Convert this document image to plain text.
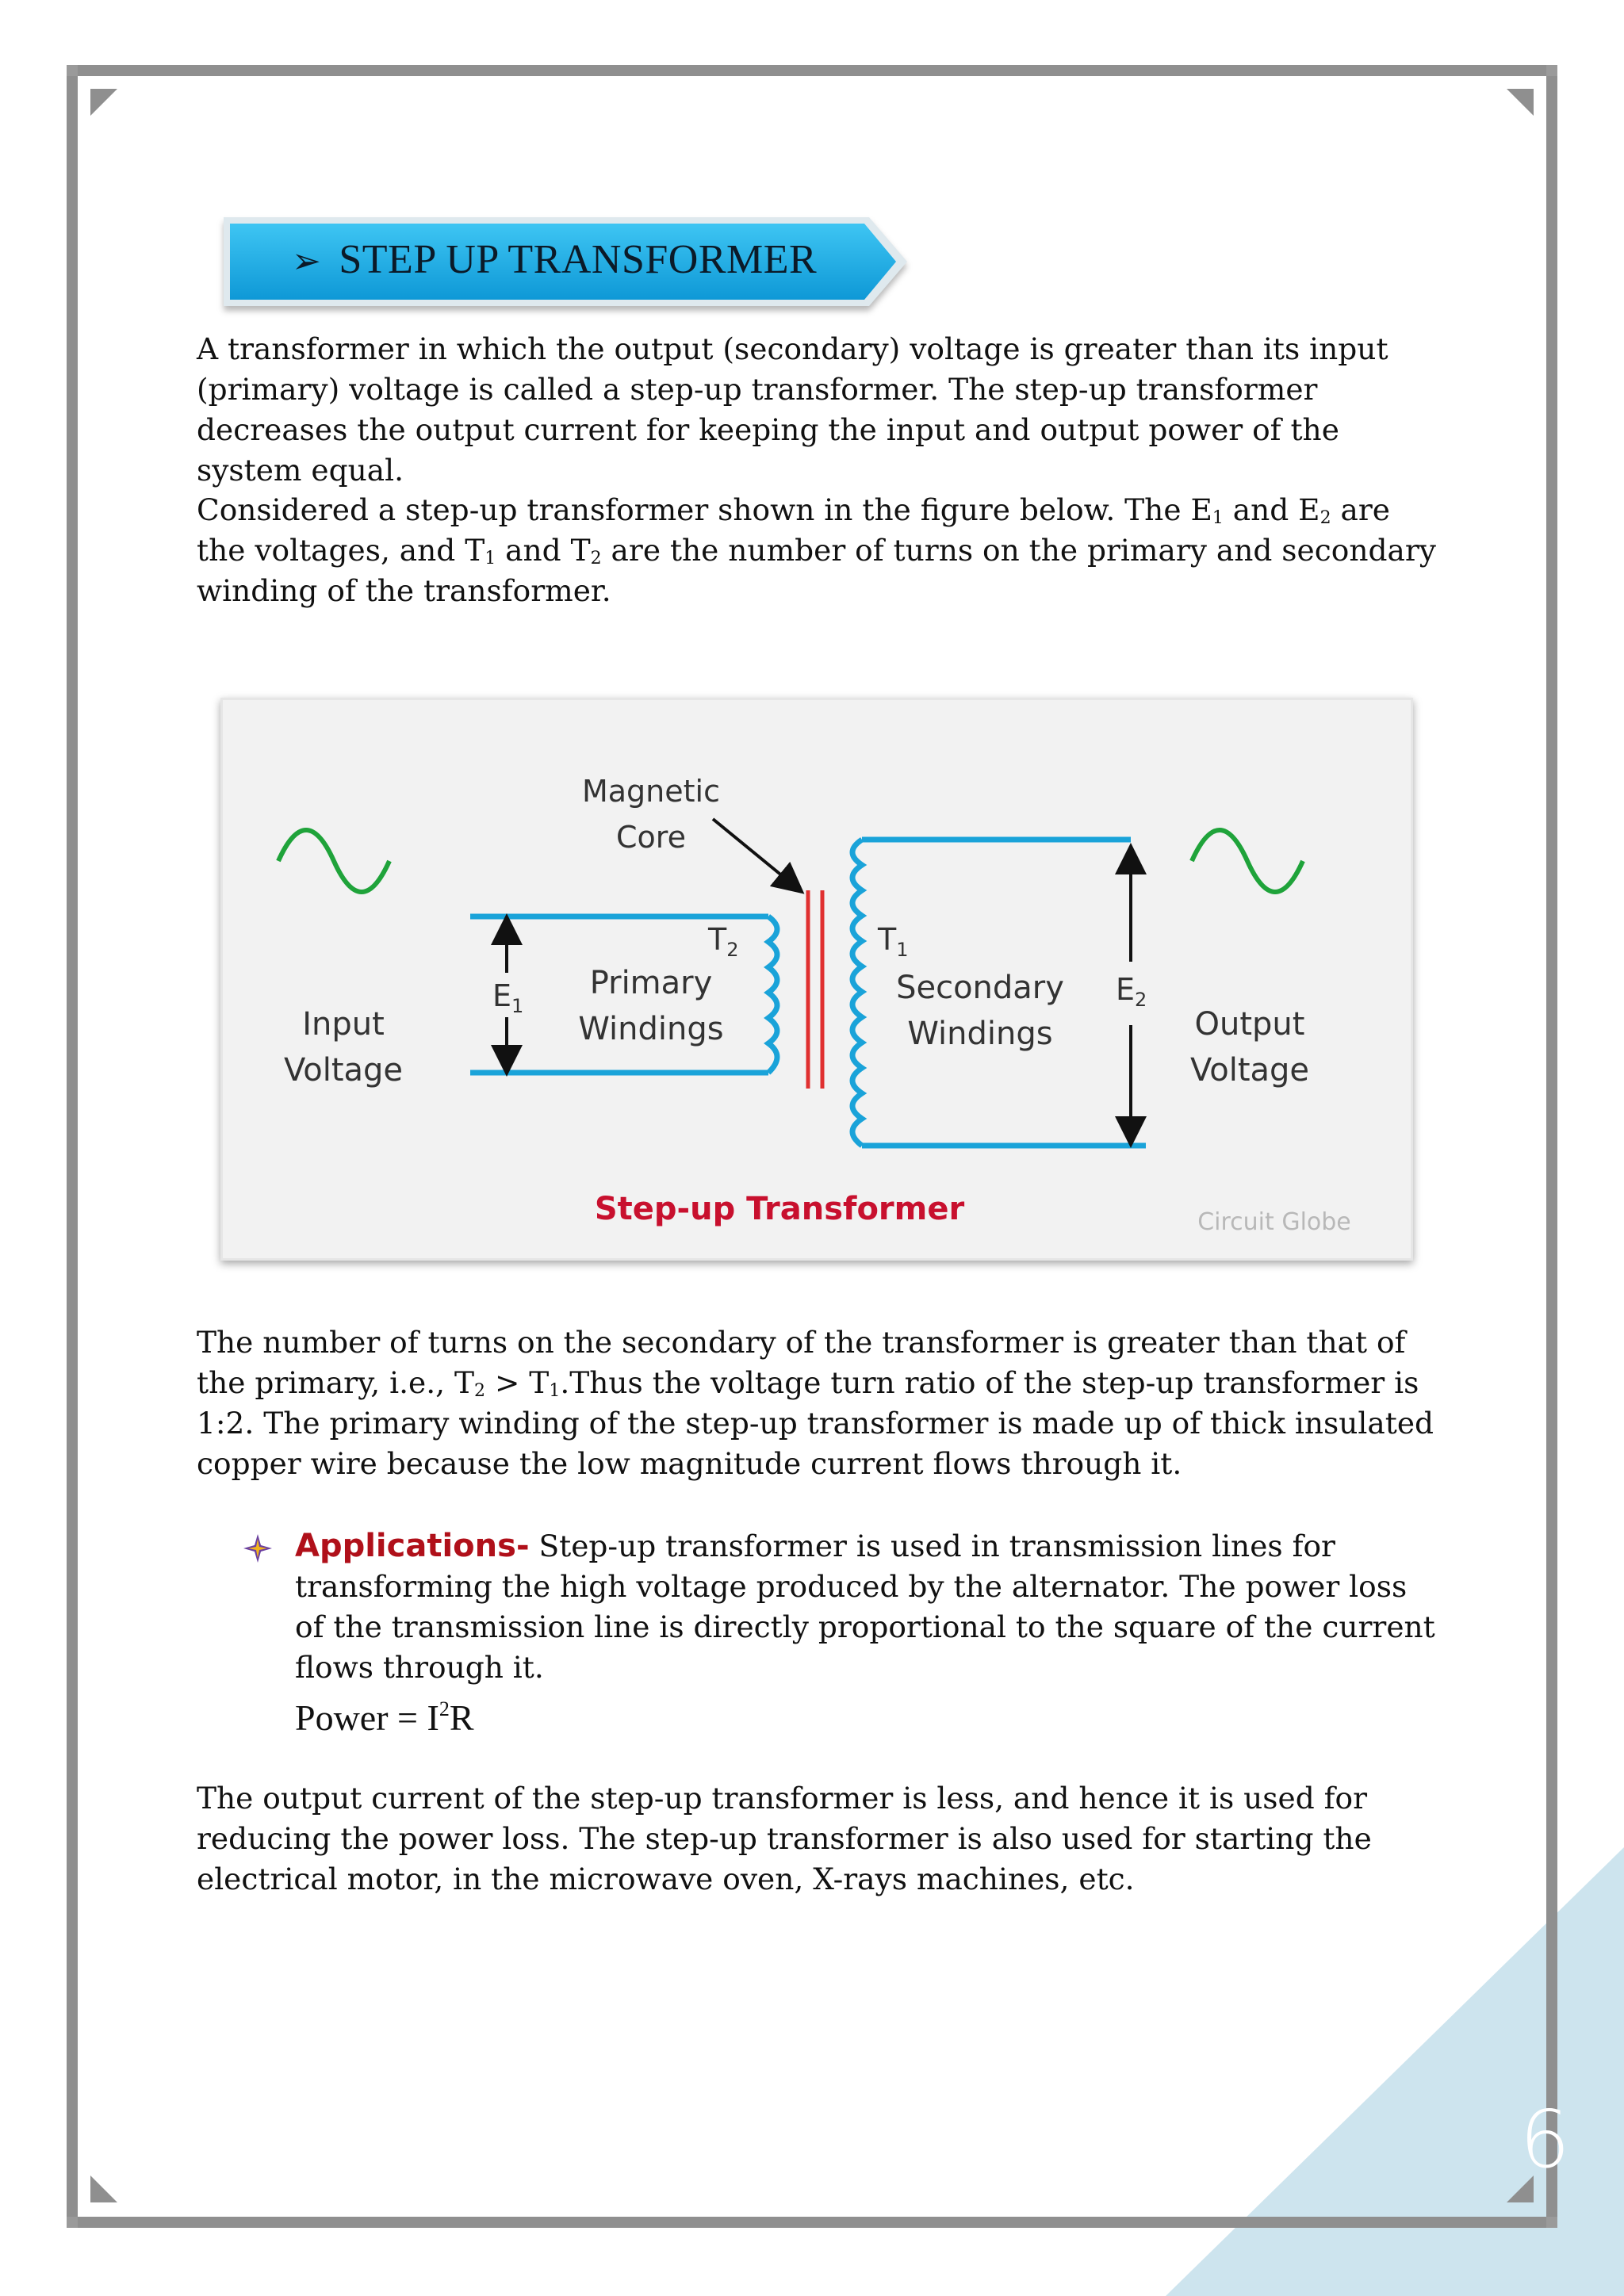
➢ STEP UP TRANSFORMER

A transformer in which the output (secondary) voltage is greater than its input (primary) voltage is called a step-up transformer. The step-up transformer decreases the output current for keeping the input and output power of the system equal.

Considered a step-up transformer shown in the figure below. The $E_1$ and $E_2$ are the voltages, and $T_1$ and $T_2$ are the number of turns on the primary and secondary winding of the transformer.

Magnetic
Core
Input
Voltage
$E_1$
$T_2$
Primary
Windings
$T_1$
Secondary
Windings
$E_2$
Output
Voltage
Step-up Transformer	Circuit Globe

The number of turns on the secondary of the transformer is greater than that of the primary, i.e., $T_2$ > $T_1.Thus$ the voltage turn ratio of the step-up transformer is 1:2. The primary winding of the step-up transformer is made up of thick insulated copper wire because the low magnitude current flows through it.

Applications- Step-up transformer is used in transmission lines for transforming the high voltage produced by the alternator. The power loss of the transmission line is directly proportional to the square of the current flows through it.

Power = $I^2R$

The output current of the step-up transformer is less, and hence it is used for reducing the power loss. The step-up transformer is also used for starting the electrical motor, in the microwave oven, X-rays machines, etc.

6
